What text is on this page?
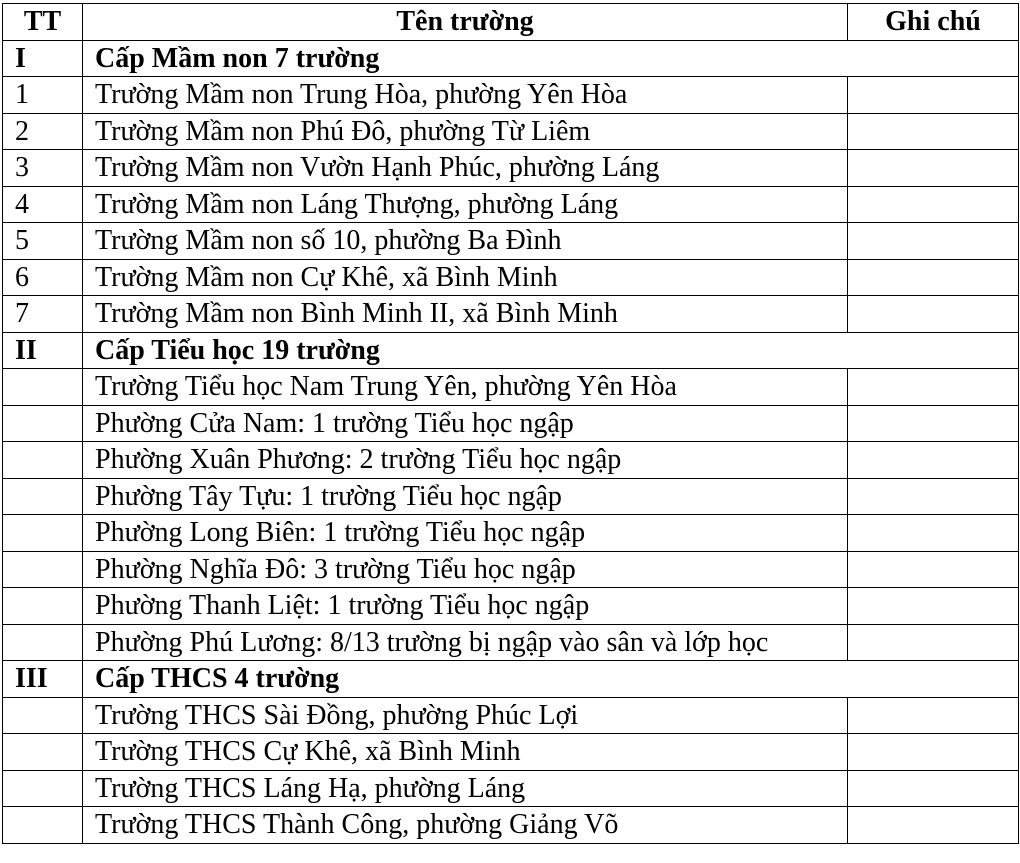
TT	Tên trường	Ghi chú
I	Cấp Mầm non 7 trường	
1	Trường Mầm non Trung Hòa, phường Yên Hòa	
2	Trường Mầm non Phú Đô, phường Từ Liêm	
3	Trường Mầm non Vườn Hạnh Phúc, phường Láng	
4	Trường Mầm non Láng Thượng, phường Láng	
5	Trường Mầm non số 10, phường Ba Đình	
6	Trường Mầm non Cự Khê, xã Bình Minh	
7	Trường Mầm non Bình Minh II, xã Bình Minh	
II	Cấp Tiểu học 19 trường	
	Trường Tiểu học Nam Trung Yên, phường Yên Hòa	
	Phường Cửa Nam: 1 trường Tiểu học ngập	
	Phường Xuân Phương: 2 trường Tiểu học ngập	
	Phường Tây Tựu: 1 trường Tiểu học ngập	
	Phường Long Biên: 1 trường Tiểu học ngập	
	Phường Nghĩa Đô: 3 trường Tiểu học ngập	
	Phường Thanh Liệt: 1 trường Tiểu học ngập	
	Phường Phú Lương: 8/13 trường bị ngập vào sân và lớp học	
III	Cấp THCS 4 trường	
	Trường THCS Sài Đồng, phường Phúc Lợi	
	Trường THCS Cự Khê, xã Bình Minh	
	Trường THCS Láng Hạ, phường Láng	
	Trường THCS Thành Công, phường Giảng Võ	
